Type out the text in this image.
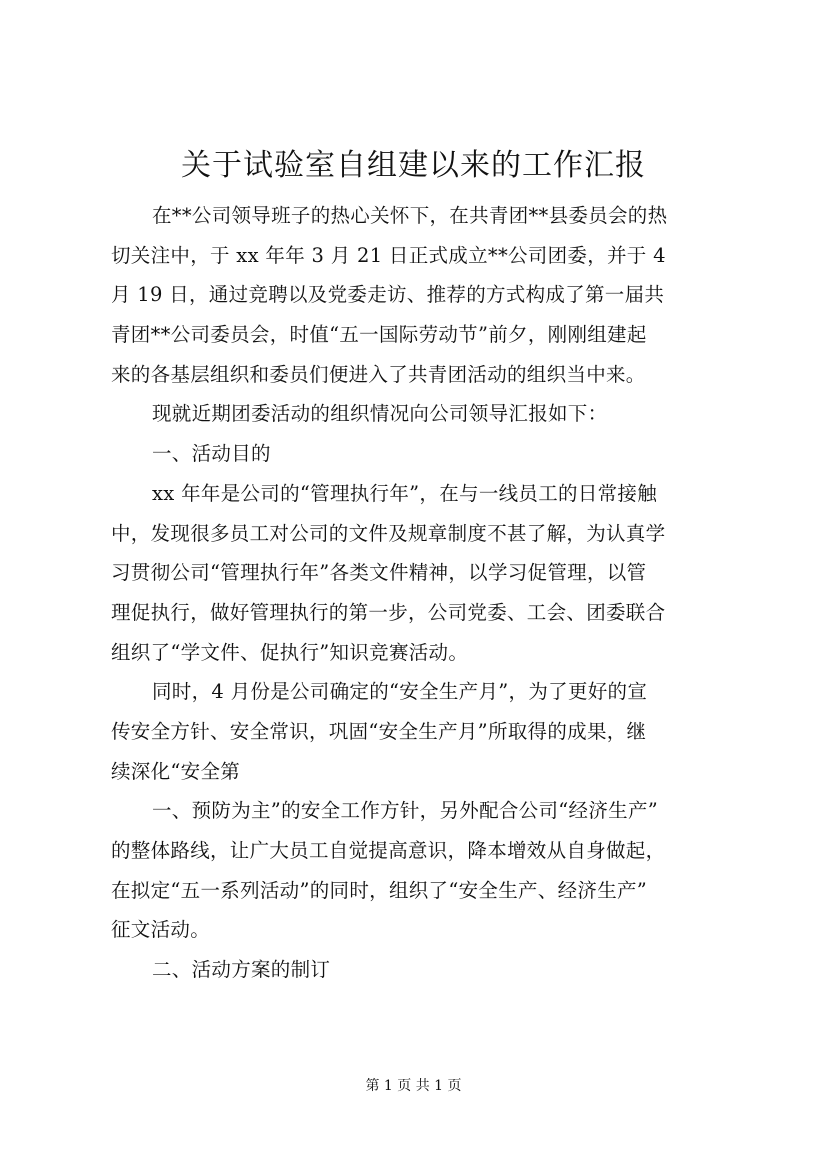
关于试验室自组建以来的工作汇报
在**公司领导班子的热心关怀下，在共青团**县委员会的热
切关注中，于 xx 年年 3 月 21 日正式成立**公司团委，并于 4
月 19 日，通过竞聘以及党委走访、推荐的方式构成了第一届共
青团**公司委员会，时值“五一国际劳动节”前夕，刚刚组建起
来的各基层组织和委员们便进入了共青团活动的组织当中来。
现就近期团委活动的组织情况向公司领导汇报如下：
一、活动目的
xx 年年是公司的“管理执行年”，在与一线员工的日常接触
中，发现很多员工对公司的文件及规章制度不甚了解，为认真学
习贯彻公司“管理执行年”各类文件精神，以学习促管理，以管
理促执行，做好管理执行的第一步，公司党委、工会、团委联合
组织了“学文件、促执行”知识竞赛活动。
同时，4 月份是公司确定的“安全生产月”，为了更好的宣
传安全方针、安全常识，巩固“安全生产月”所取得的成果，继
续深化“安全第
一、预防为主”的安全工作方针，另外配合公司“经济生产”
的整体路线，让广大员工自觉提高意识，降本增效从自身做起，
在拟定“五一系列活动”的同时，组织了“安全生产、经济生产”
征文活动。
二、活动方案的制订
第 1 页 共 1 页
